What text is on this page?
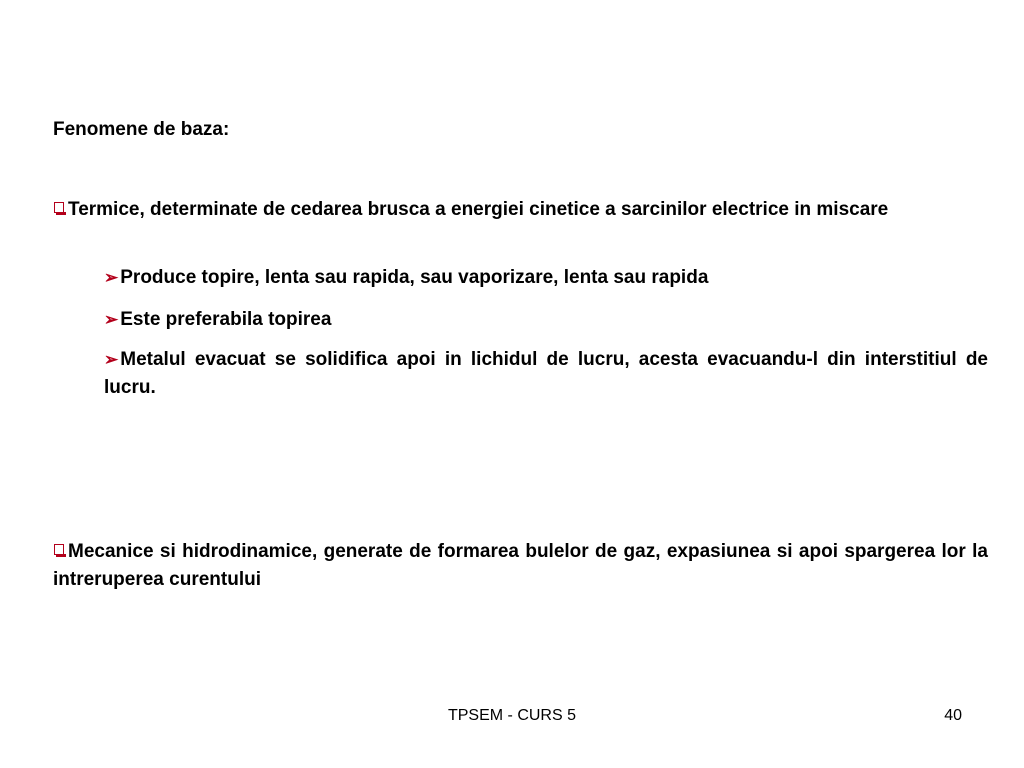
Fenomene de baza:
Termice, determinate de cedarea brusca a energiei cinetice a sarcinilor electrice in miscare
➢ Produce topire, lenta sau rapida, sau vaporizare, lenta sau rapida
➢ Este preferabila topirea
➢ Metalul evacuat se solidifica apoi in lichidul de lucru, acesta evacuandu-l din interstitiul de lucru.
Mecanice si hidrodinamice, generate de formarea bulelor de gaz, expasiunea si apoi spargerea lor la intreruperea curentului
TPSEM - CURS 5	40
